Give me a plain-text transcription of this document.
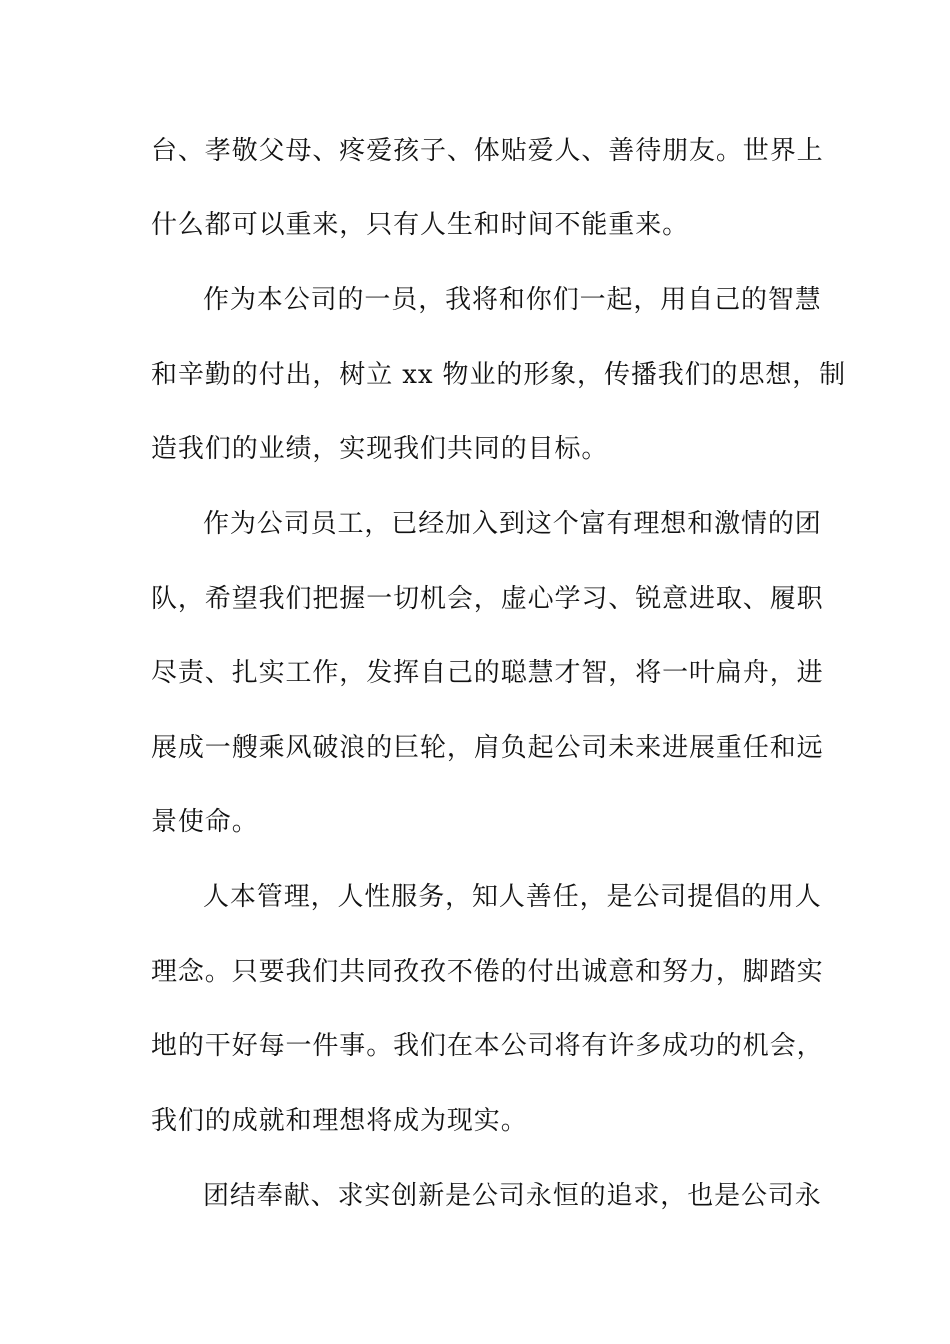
台、孝敬父母、疼爱孩子、体贴爱人、善待朋友。世界上

什么都可以重来，只有人生和时间不能重来。

作为本公司的一员，我将和你们一起，用自己的智慧

和辛勤的付出，树立 xx 物业的形象，传播我们的思想，制

造我们的业绩，实现我们共同的目标。

作为公司员工，已经加入到这个富有理想和激情的团

队，希望我们把握一切机会，虚心学习、锐意进取、履职

尽责、扎实工作，发挥自己的聪慧才智，将一叶扁舟，进

展成一艘乘风破浪的巨轮，肩负起公司未来进展重任和远

景使命。

人本管理，人性服务，知人善任，是公司提倡的用人

理念。只要我们共同孜孜不倦的付出诚意和努力，脚踏实

地的干好每一件事。我们在本公司将有许多成功的机会，

我们的成就和理想将成为现实。

团结奉献、求实创新是公司永恒的追求，也是公司永
